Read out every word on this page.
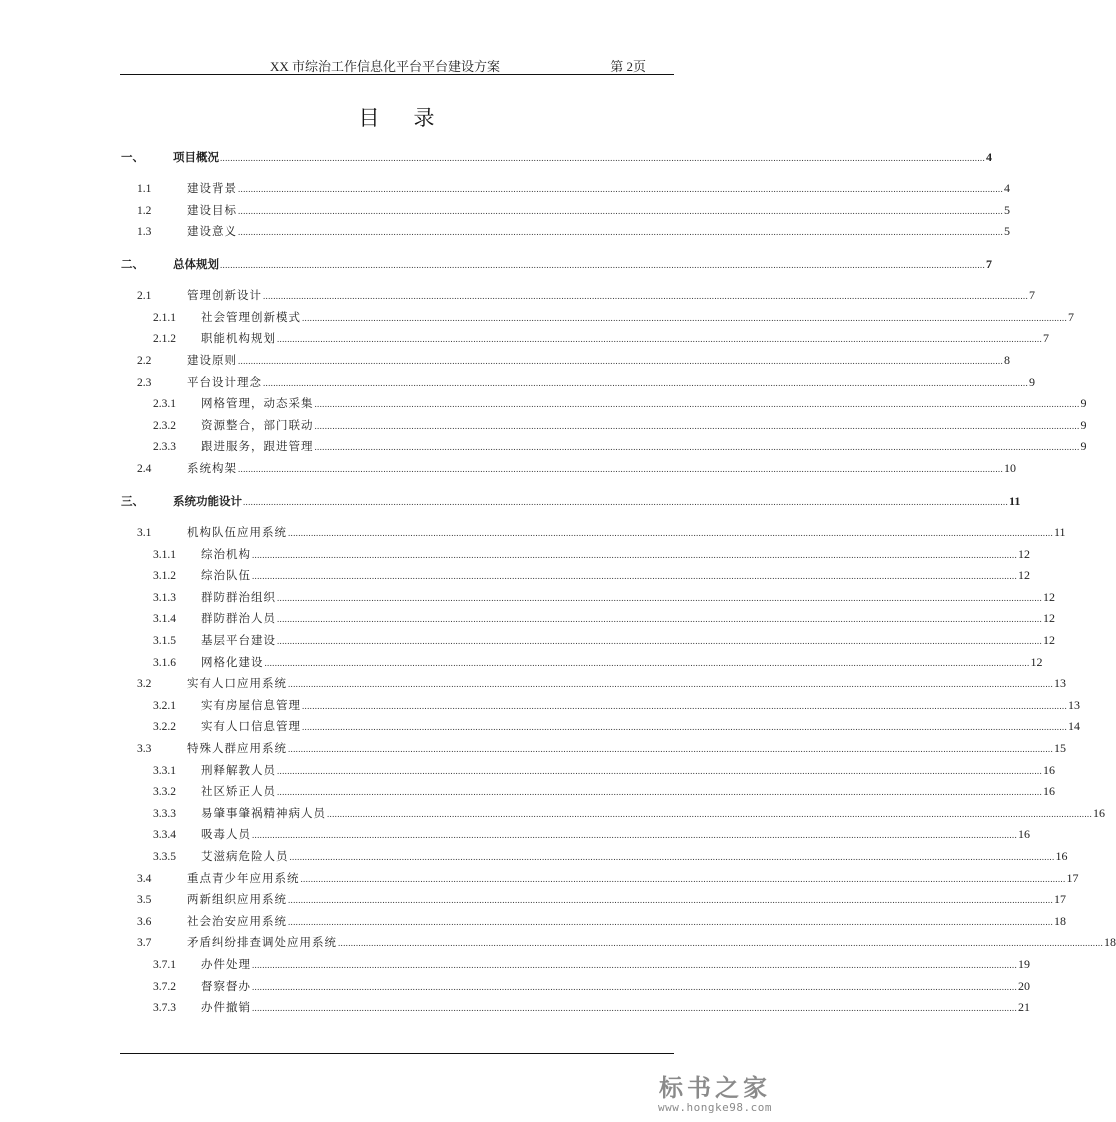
XX 市综治工作信息化平台平台建设方案	第 2页
目录
一、	项目概况 ............................................................................................................................................................................................................................................................................................................ 4
1.1	建设背景 ............................................................................................................................................................................................................................................................................................................ 4
1.2	建设目标 ............................................................................................................................................................................................................................................................................................................ 5
1.3	建设意义 ............................................................................................................................................................................................................................................................................................................ 5
二、	总体规划 ............................................................................................................................................................................................................................................................................................................ 7
2.1	管理创新设计 ............................................................................................................................................................................................................................................................................................................ 7
2.1.1	社会管理创新模式 ............................................................................................................................................................................................................................................................................................................ 7
2.1.2	职能机构规划 ............................................................................................................................................................................................................................................................................................................ 7
2.2	建设原则 ............................................................................................................................................................................................................................................................................................................ 8
2.3	平台设计理念 ............................................................................................................................................................................................................................................................................................................ 9
2.3.1	网格管理，动态采集 ............................................................................................................................................................................................................................................................................................................ 9
2.3.2	资源整合，部门联动 ............................................................................................................................................................................................................................................................................................................ 9
2.3.3	跟进服务，跟进管理 ............................................................................................................................................................................................................................................................................................................ 9
2.4	系统构架 ............................................................................................................................................................................................................................................................................................................ 10
三、	系统功能设计 ............................................................................................................................................................................................................................................................................................................ 11
3.1	机构队伍应用系统 ............................................................................................................................................................................................................................................................................................................ 11
3.1.1	综治机构 ............................................................................................................................................................................................................................................................................................................ 12
3.1.2	综治队伍 ............................................................................................................................................................................................................................................................................................................ 12
3.1.3	群防群治组织 ............................................................................................................................................................................................................................................................................................................ 12
3.1.4	群防群治人员 ............................................................................................................................................................................................................................................................................................................ 12
3.1.5	基层平台建设 ............................................................................................................................................................................................................................................................................................................ 12
3.1.6	网格化建设 ............................................................................................................................................................................................................................................................................................................ 12
3.2	实有人口应用系统 ............................................................................................................................................................................................................................................................................................................ 13
3.2.1	实有房屋信息管理 ............................................................................................................................................................................................................................................................................................................ 13
3.2.2	实有人口信息管理 ............................................................................................................................................................................................................................................................................................................ 14
3.3	特殊人群应用系统 ............................................................................................................................................................................................................................................................................................................ 15
3.3.1	刑释解教人员 ............................................................................................................................................................................................................................................................................................................ 16
3.3.2	社区矫正人员 ............................................................................................................................................................................................................................................................................................................ 16
3.3.3	易肇事肇祸精神病人员 ............................................................................................................................................................................................................................................................................................................ 16
3.3.4	吸毒人员 ............................................................................................................................................................................................................................................................................................................ 16
3.3.5	艾滋病危险人员 ............................................................................................................................................................................................................................................................................................................ 16
3.4	重点青少年应用系统 ............................................................................................................................................................................................................................................................................................................ 17
3.5	两新组织应用系统 ............................................................................................................................................................................................................................................................................................................ 17
3.6	社会治安应用系统 ............................................................................................................................................................................................................................................................................................................ 18
3.7	矛盾纠纷排查调处应用系统 ............................................................................................................................................................................................................................................................................................................ 18
3.7.1	办件处理 ............................................................................................................................................................................................................................................................................................................ 19
3.7.2	督察督办 ............................................................................................................................................................................................................................................................................................................ 20
3.7.3	办件撤销 ............................................................................................................................................................................................................................................................................................................ 21
标书之家
www.hongke98.com
